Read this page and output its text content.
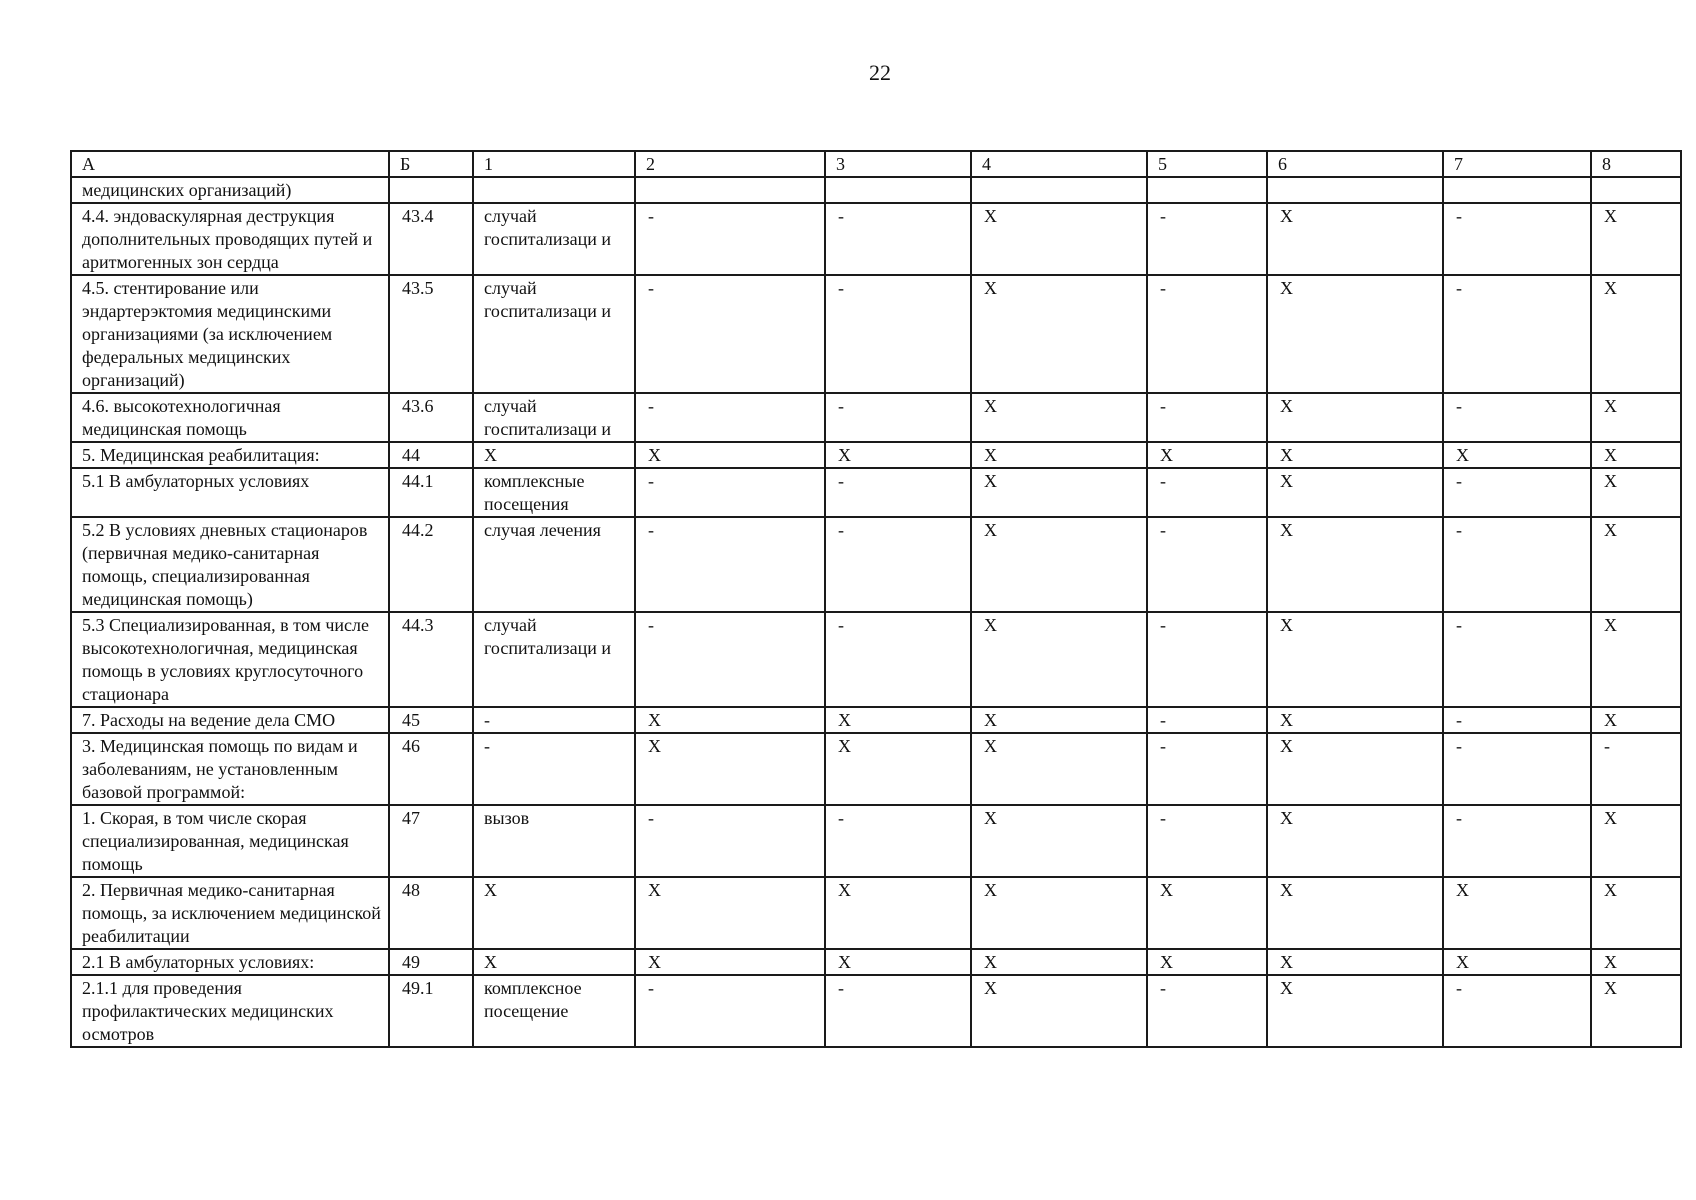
22
А	Б	1	2	3	4	5	6	7	8
медицинских организаций)									
4.4. эндоваскулярная деструкция дополнительных проводящих путей и аритмогенных зон сердца	43.4	случай госпитализаци и	-	-	X	-	X	-	X
4.5. стентирование или эндартерэктомия медицинскими организациями (за исключением федеральных медицинских организаций)	43.5	случай госпитализаци и	-	-	X	-	X	-	X
4.6. высокотехнологичная медицинская помощь	43.6	случай госпитализаци и	-	-	X	-	X	-	X
5. Медицинская реабилитация:	44	X	X	X	X	X	X	X	X
5.1 В амбулаторных условиях	44.1	комплексные посещения	-	-	X	-	X	-	X
5.2 В условиях дневных стационаров (первичная медико-санитарная помощь, специализированная медицинская помощь)	44.2	случая лечения	-	-	X	-	X	-	X
5.3 Специализированная, в том числе высокотехнологичная, медицинская помощь в условиях круглосуточного стационара	44.3	случай госпитализаци и	-	-	X	-	X	-	X
7. Расходы на ведение дела СМО	45	-	X	X	X	-	X	-	X
3. Медицинская помощь по видам и заболеваниям, не установленным базовой программой:	46	-	X	X	X	-	X	-	-
1. Скорая, в том числе скорая специализированная, медицинская помощь	47	вызов	-	-	X	-	X	-	X
2. Первичная медико-санитарная помощь, за исключением медицинской реабилитации	48	X	X	X	X	X	X	X	X
2.1 В амбулаторных условиях:	49	X	X	X	X	X	X	X	X
2.1.1 для проведения профилактических медицинских осмотров	49.1	комплексное посещение	-	-	X	-	X	-	X
